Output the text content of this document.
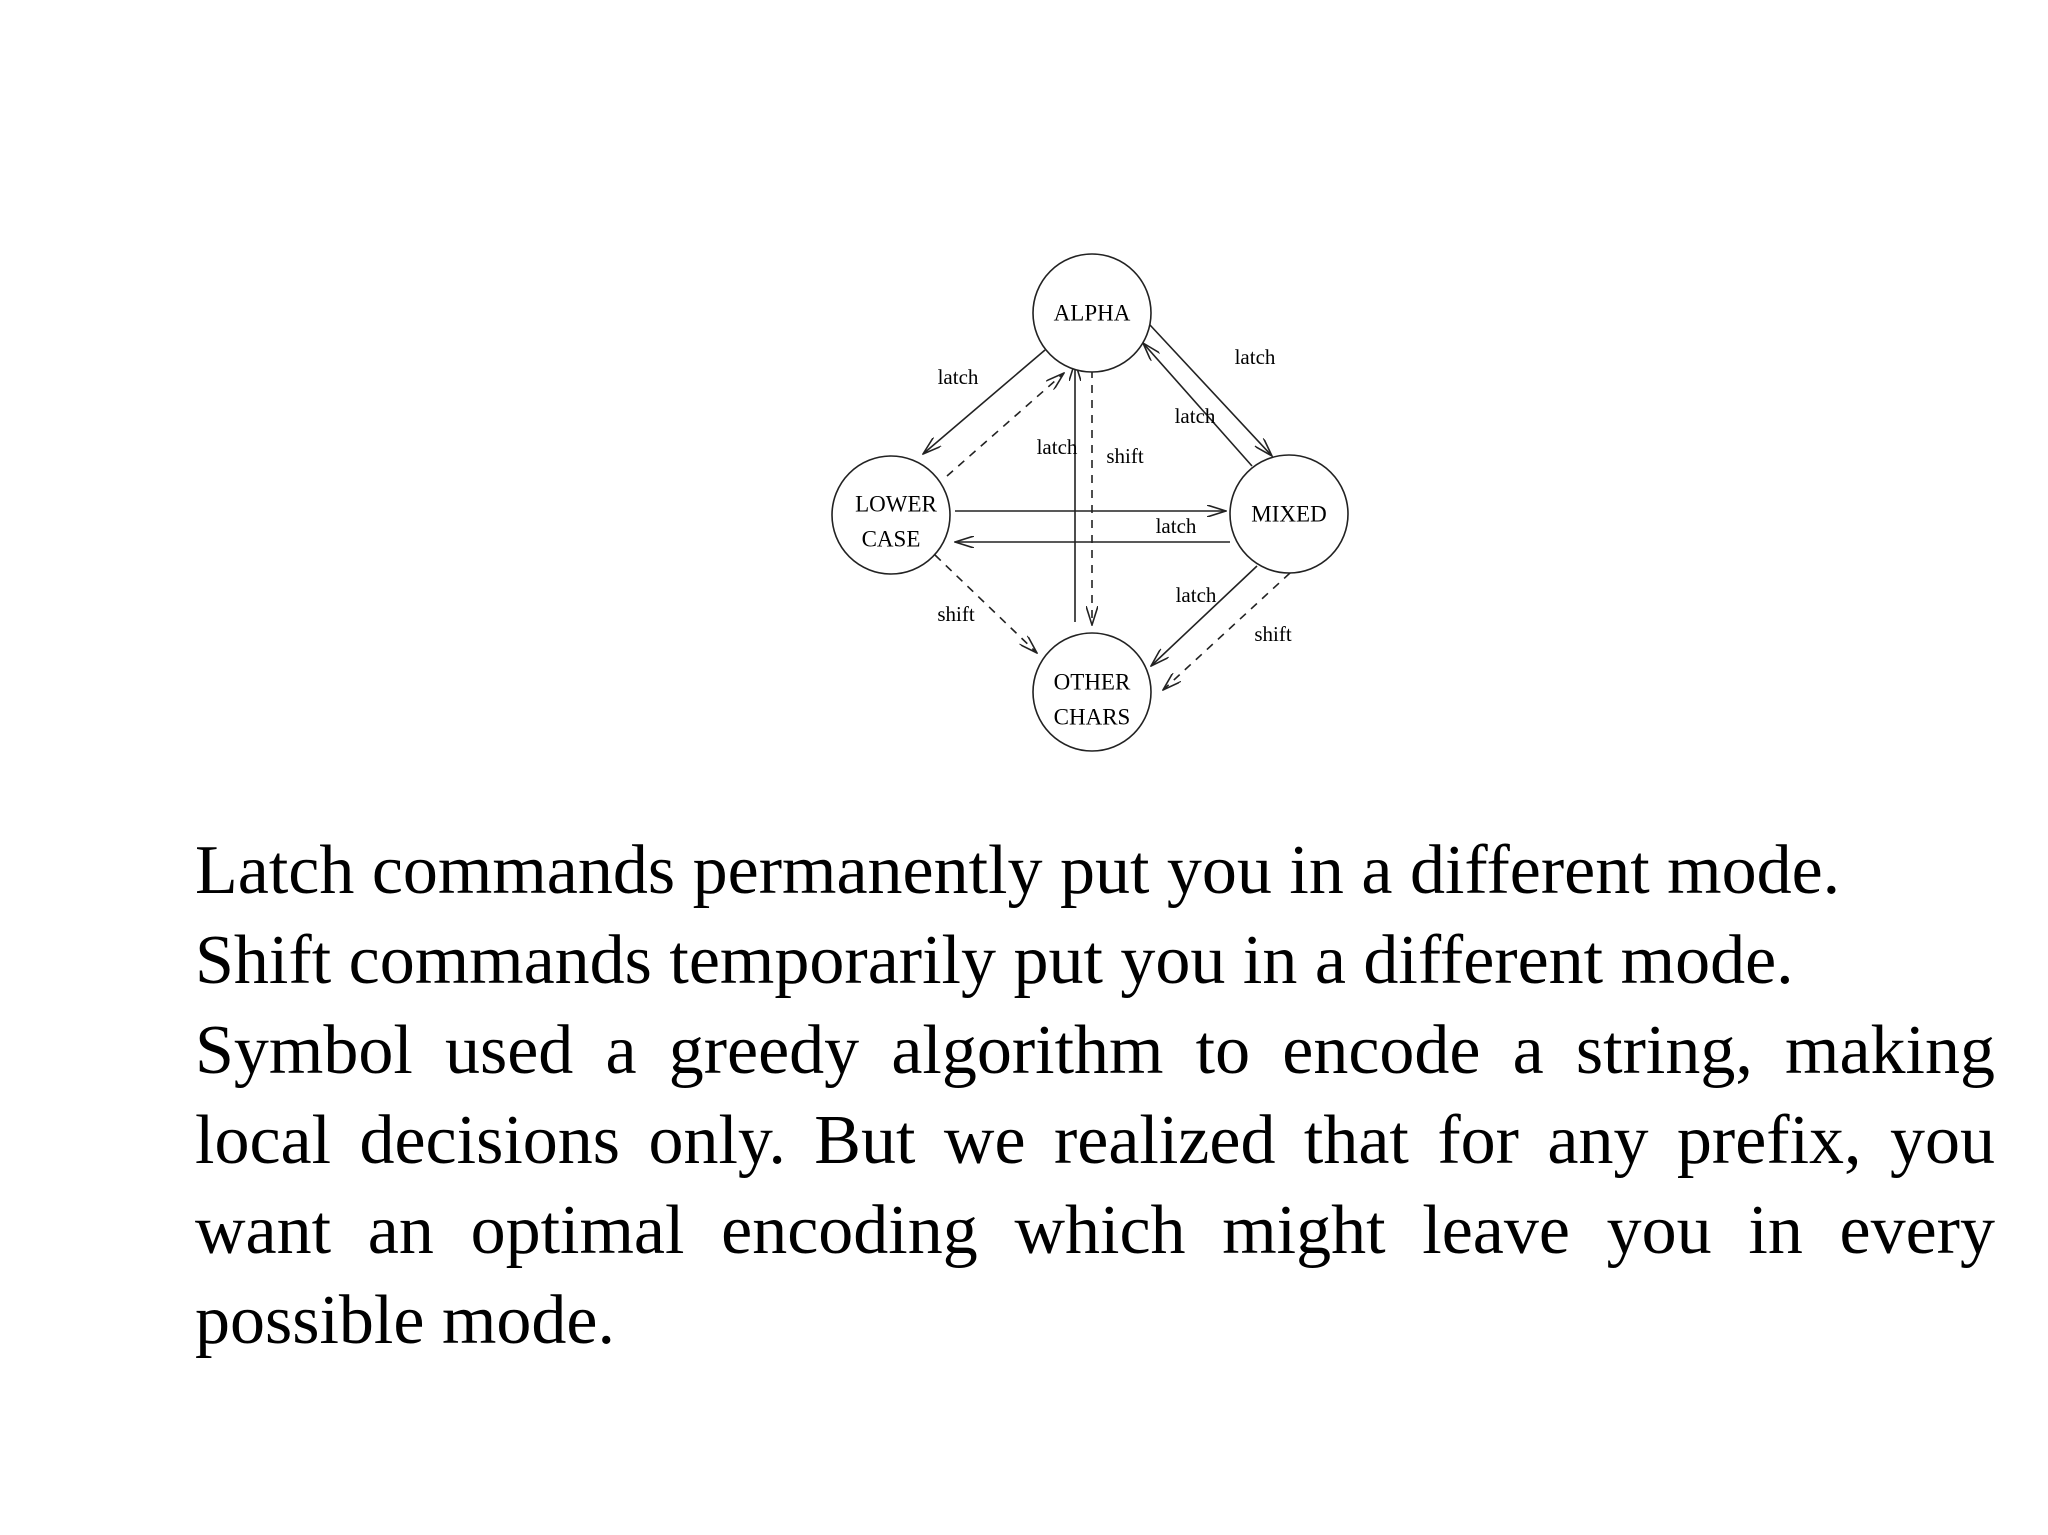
ALPHA
LOWER
CASE
MIXED
OTHER
CHARS
latch
latch
latch
latch shift
latch
shift
latch
shift

Latch commands permanently put you in a different mode.

Shift commands temporarily put you in a different mode.

Symbol used a greedy algorithm to encode a string, making local decisions only. But we realized that for any prefix, you want an optimal encoding which might leave you in every possible mode.
